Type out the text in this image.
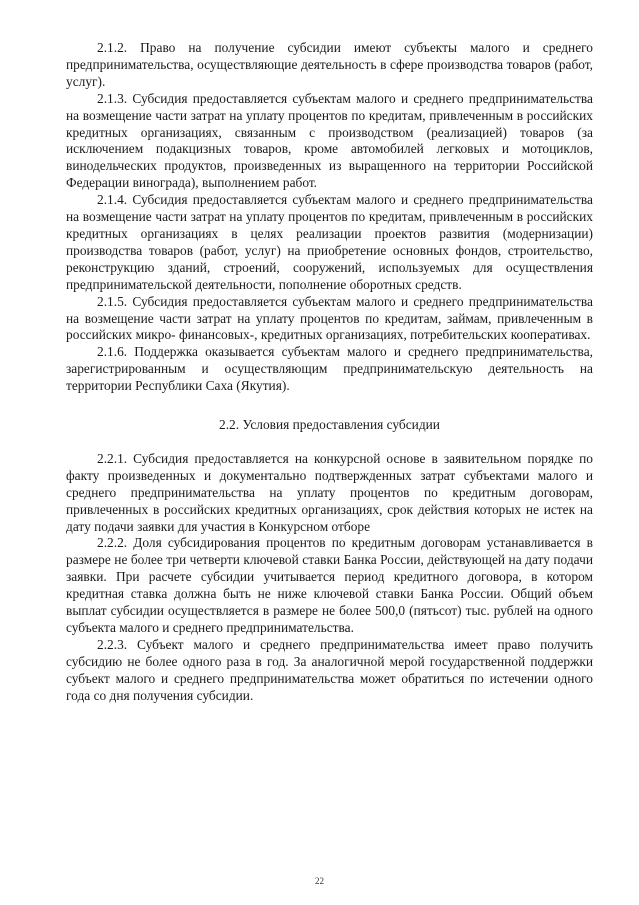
2.1.2. Право на получение субсидии имеют субъекты малого и среднего предпринимательства, осуществляющие деятельность в сфере производства товаров (работ, услуг).

2.1.3. Субсидия предоставляется субъектам малого и среднего предпринимательства на возмещение части затрат на уплату процентов по кредитам, привлеченным в российских кредитных организациях, связанным с производством (реализацией) товаров (за исключением подакцизных товаров, кроме автомобилей легковых и мотоциклов, винодельческих продуктов, произведенных из выращенного на территории Российской Федерации винограда), выполнением работ.

2.1.4. Субсидия предоставляется субъектам малого и среднего предпринимательства на возмещение части затрат на уплату процентов по кредитам, привлеченным в российских кредитных организациях в целях реализации проектов развития (модернизации) производства товаров (работ, услуг) на приобретение основных фондов, строительство, реконструкцию зданий, строений, сооружений, используемых для осуществления предпринимательской деятельности, пополнение оборотных средств.

2.1.5. Субсидия предоставляется субъектам малого и среднего предпринимательства на возмещение части затрат на уплату процентов по кредитам, займам, привлеченным в российских микро- финансовых-, кредитных организациях, потребительских кооперативах.

2.1.6. Поддержка оказывается субъектам малого и среднего предпринимательства, зарегистрированным и осуществляющим предпринимательскую деятельность на территории Республики Саха (Якутия).

2.2. Условия предоставления субсидии

2.2.1. Субсидия предоставляется на конкурсной основе в заявительном порядке по факту произведенных и документально подтвержденных затрат субъектами малого и среднего предпринимательства на уплату процентов по кредитным договорам, привлеченных в российских кредитных организациях, срок действия которых не истек на дату подачи заявки для участия в Конкурсном отборе

2.2.2. Доля субсидирования процентов по кредитным договорам устанавливается в размере не более три четверти ключевой ставки Банка России, действующей на дату подачи заявки. При расчете субсидии учитывается период кредитного договора, в котором кредитная ставка должна быть не ниже ключевой ставки Банка России. Общий объем выплат субсидии осуществляется в размере не более 500,0 (пятьсот) тыс. рублей на одного субъекта малого и среднего предпринимательства.

2.2.3. Субъект малого и среднего предпринимательства имеет право получить субсидию не более одного раза в год. За аналогичной мерой государственной поддержки субъект малого и среднего предпринимательства может обратиться по истечении одного года со дня получения субсидии.

22
